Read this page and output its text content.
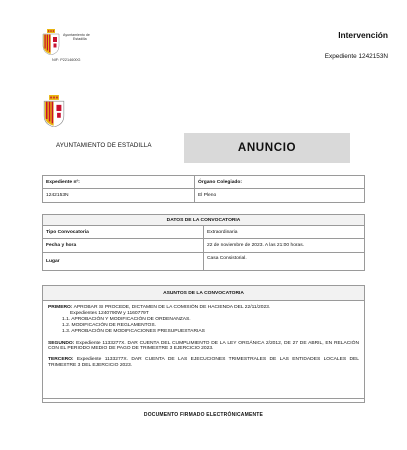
Ayuntamiento de
Estadilla
NIF: P2214600G
Intervención
Expediente 1242153N
AYUNTAMIENTO DE ESTADILLA	ANUNCIO
Expediente nº:	Órgano Colegiado:
1242153N	El Pleno
DATOS DE LA CONVOCATORIA	
Tipo Convocatoria	Extraordinaria
Fecha y hora	22 de noviembre de 2023. A las 21:00 horas.
Lugar	Casa Consistorial.
ASUNTOS DE LA CONVOCATORIA

PRIMERO: APROBAR SI PROCEDE, DICTAMEN DE LA COMISIÓN DE HACIENDA DEL 22/11/2023.

Expedientes 1240790W y 1160779T
1.1. APROBACIÓN Y MODIFICACIÓN DE ORDENANZAS.
1.2. MODIFICACIÓN DE REGLAMENTOS.
1.3. APROBACIÓN DE MODIFICACIONES PRESUPUESTARIAS

SEGUNDO: Expediente 1133277X. DAR CUENTA DEL CUMPLIMIENTO DE LA LEY ORGÁNICA 2/2012, DE 27 DE ABRIL, EN RELACIÓN CON EL PERIODO MEDIO DE PAGO DE TRIMESTRE 3 EJERCICIO 2023.

TERCERO: Expediente 1133277X. DAR CUENTA DE LAS EJECUCIONES TRIMESTRALES DE LAS ENTIDADES LOCALES DEL TRIMESTRE 3 DEL EJERCICIO 2023.

DOCUMENTO FIRMADO ELECTRÓNICAMENTE
